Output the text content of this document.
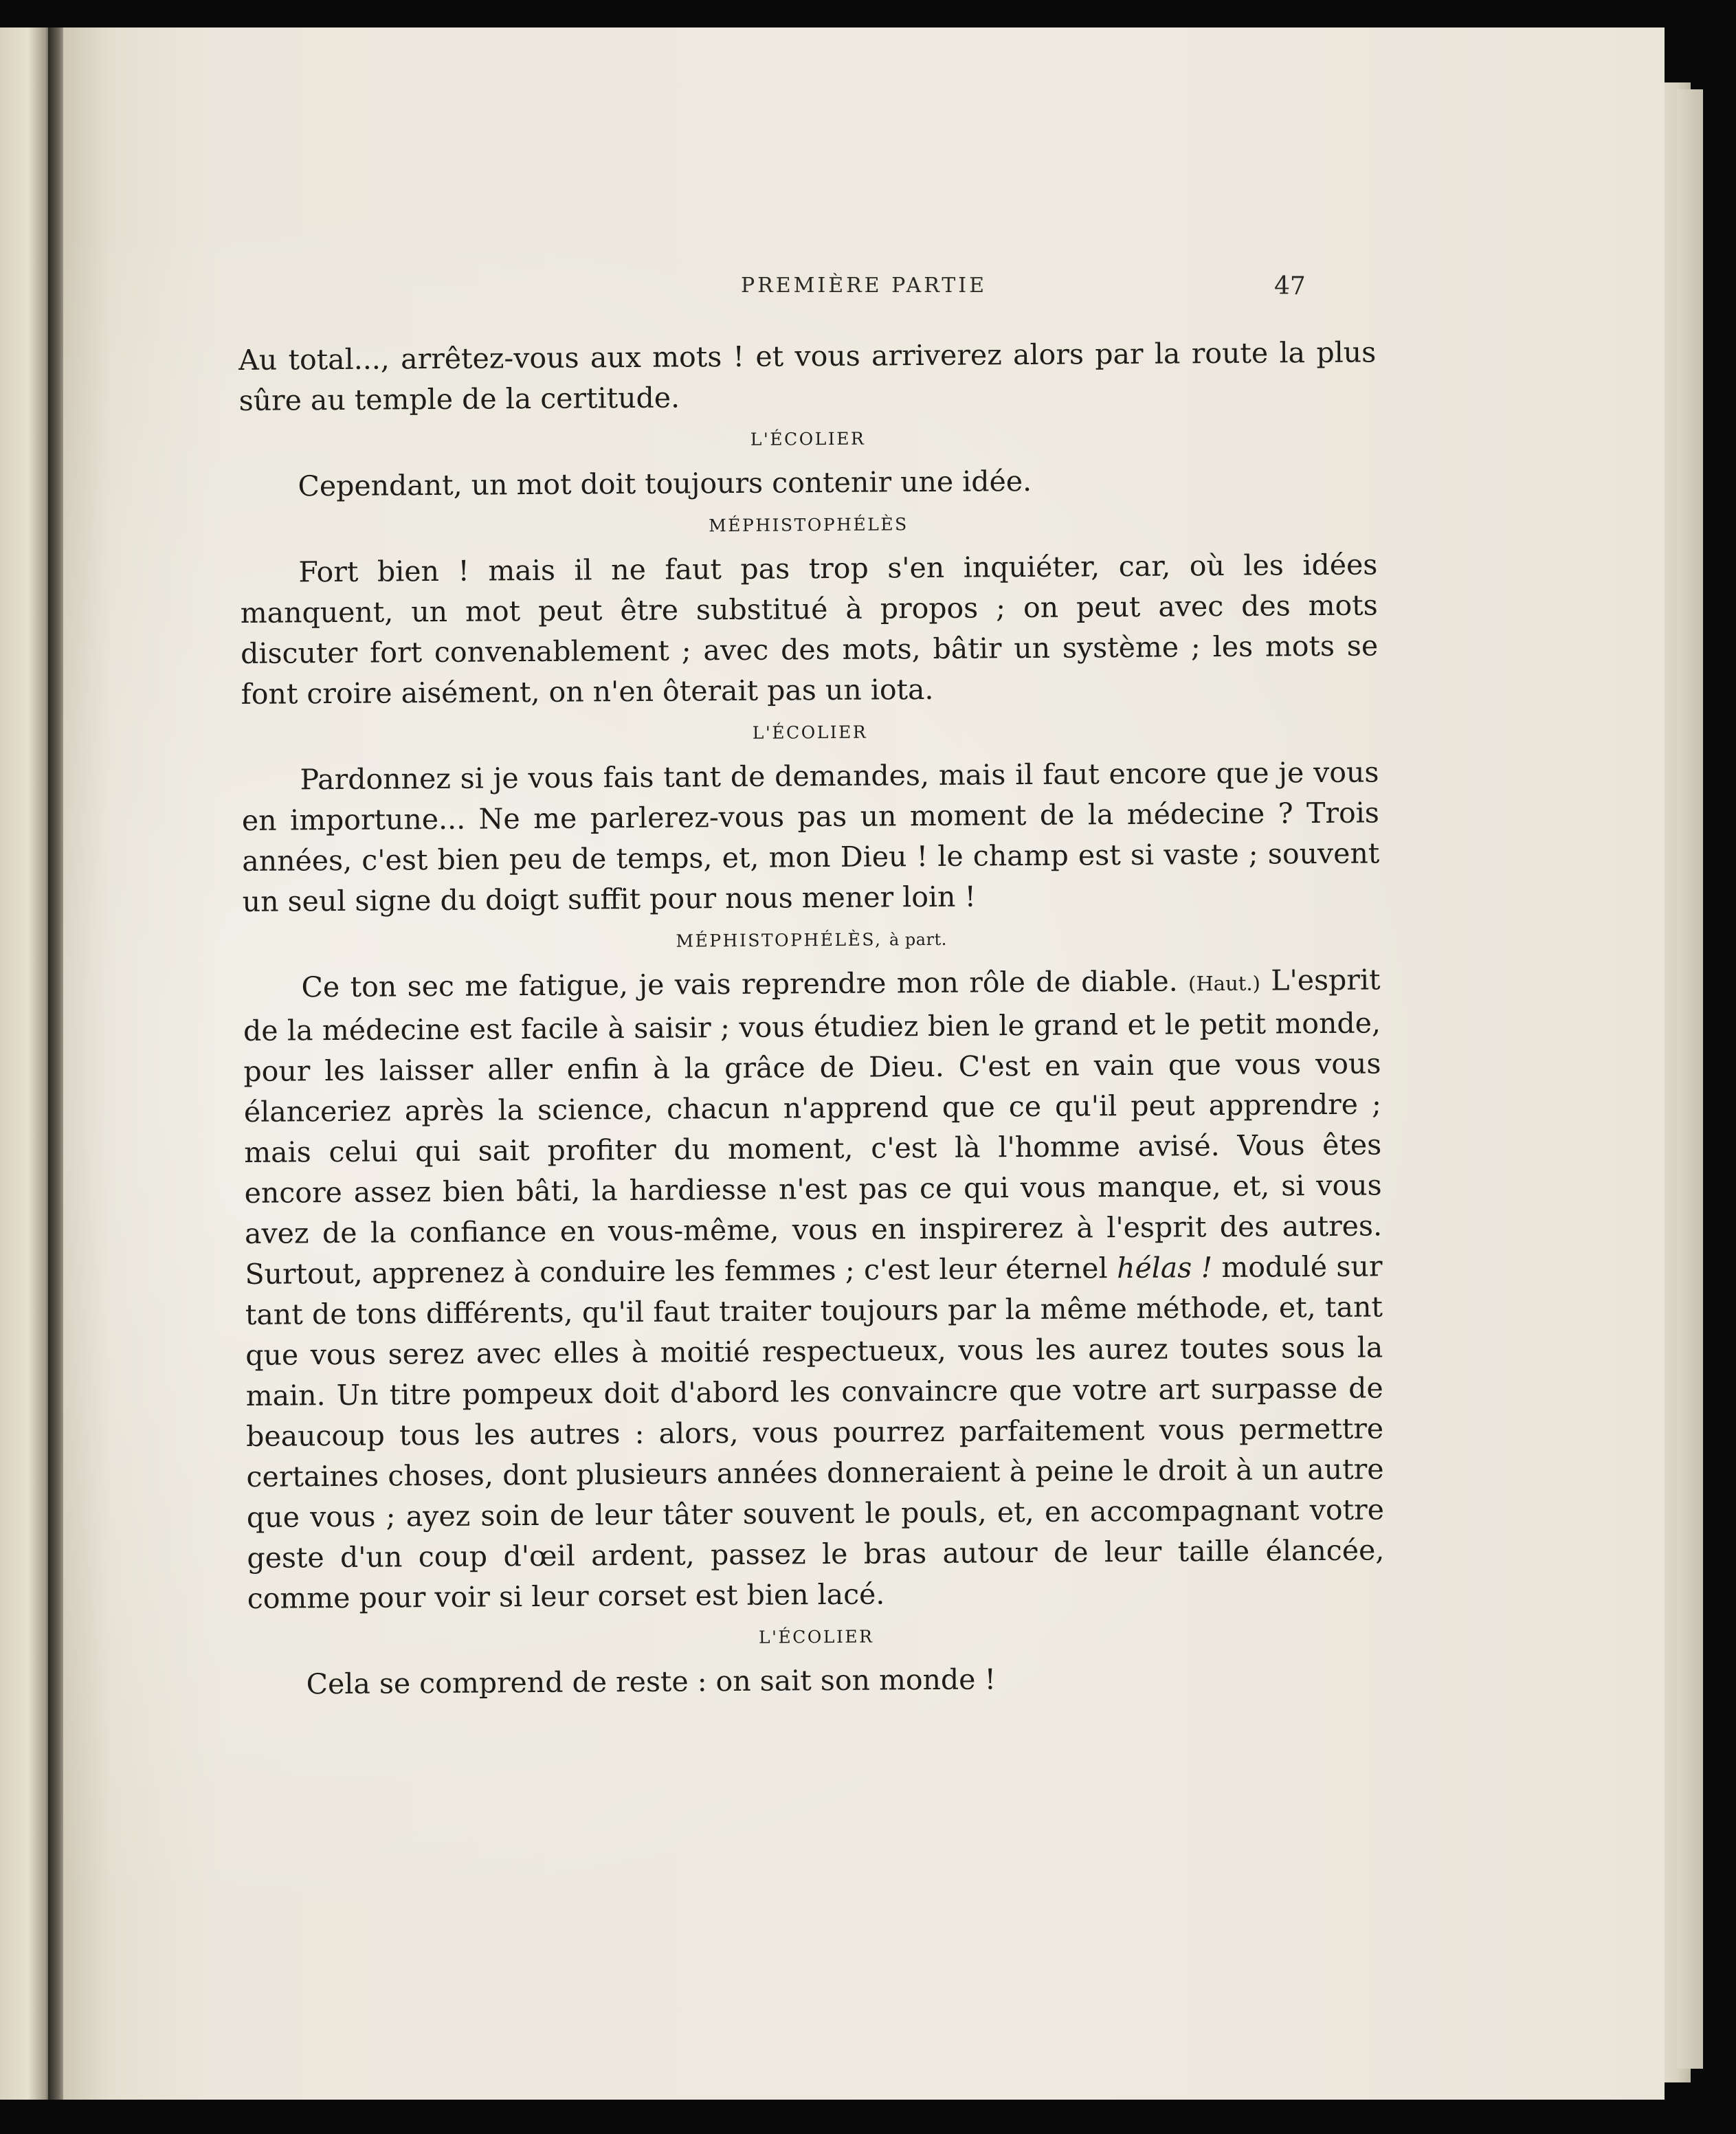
PREMIÈRE PARTIE	47

Au total..., arrêtez-vous aux mots ! et vous arriverez alors par la route la plus sûre au temple de la certitude.

L'ÉCOLIER

Cependant, un mot doit toujours contenir une idée.

MÉPHISTOPHÉLÈS

Fort bien ! mais il ne faut pas trop s'en inquiéter, car, où les idées manquent, un mot peut être substitué à propos ; on peut avec des mots discuter fort convenablement ; avec des mots, bâtir un système ; les mots se font croire aisément, on n'en ôterait pas un iota.

L'ÉCOLIER

Pardonnez si je vous fais tant de demandes, mais il faut encore que je vous en importune... Ne me parlerez-vous pas un moment de la médecine ? Trois années, c'est bien peu de temps, et, mon Dieu ! le champ est si vaste ; souvent un seul signe du doigt suffit pour nous mener loin !

MÉPHISTOPHÉLÈS, à part.

Ce ton sec me fatigue, je vais reprendre mon rôle de diable. (Haut.) L'esprit de la médecine est facile à saisir ; vous étudiez bien le grand et le petit monde, pour les laisser aller enfin à la grâce de Dieu. C'est en vain que vous vous élanceriez après la science, chacun n'apprend que ce qu'il peut apprendre ; mais celui qui sait profiter du moment, c'est là l'homme avisé. Vous êtes encore assez bien bâti, la hardiesse n'est pas ce qui vous manque, et, si vous avez de la confiance en vous-même, vous en inspirerez à l'esprit des autres. Surtout, apprenez à conduire les femmes ; c'est leur éternel hélas ! modulé sur tant de tons différents, qu'il faut traiter toujours par la même méthode, et, tant que vous serez avec elles à moitié respectueux, vous les aurez toutes sous la main. Un titre pompeux doit d'abord les convaincre que votre art surpasse de beaucoup tous les autres : alors, vous pourrez parfaitement vous permettre certaines choses, dont plusieurs années donneraient à peine le droit à un autre que vous ; ayez soin de leur tâter souvent le pouls, et, en accompagnant votre geste d'un coup d'œil ardent, passez le bras autour de leur taille élancée, comme pour voir si leur corset est bien lacé.

L'ÉCOLIER

Cela se comprend de reste : on sait son monde !
